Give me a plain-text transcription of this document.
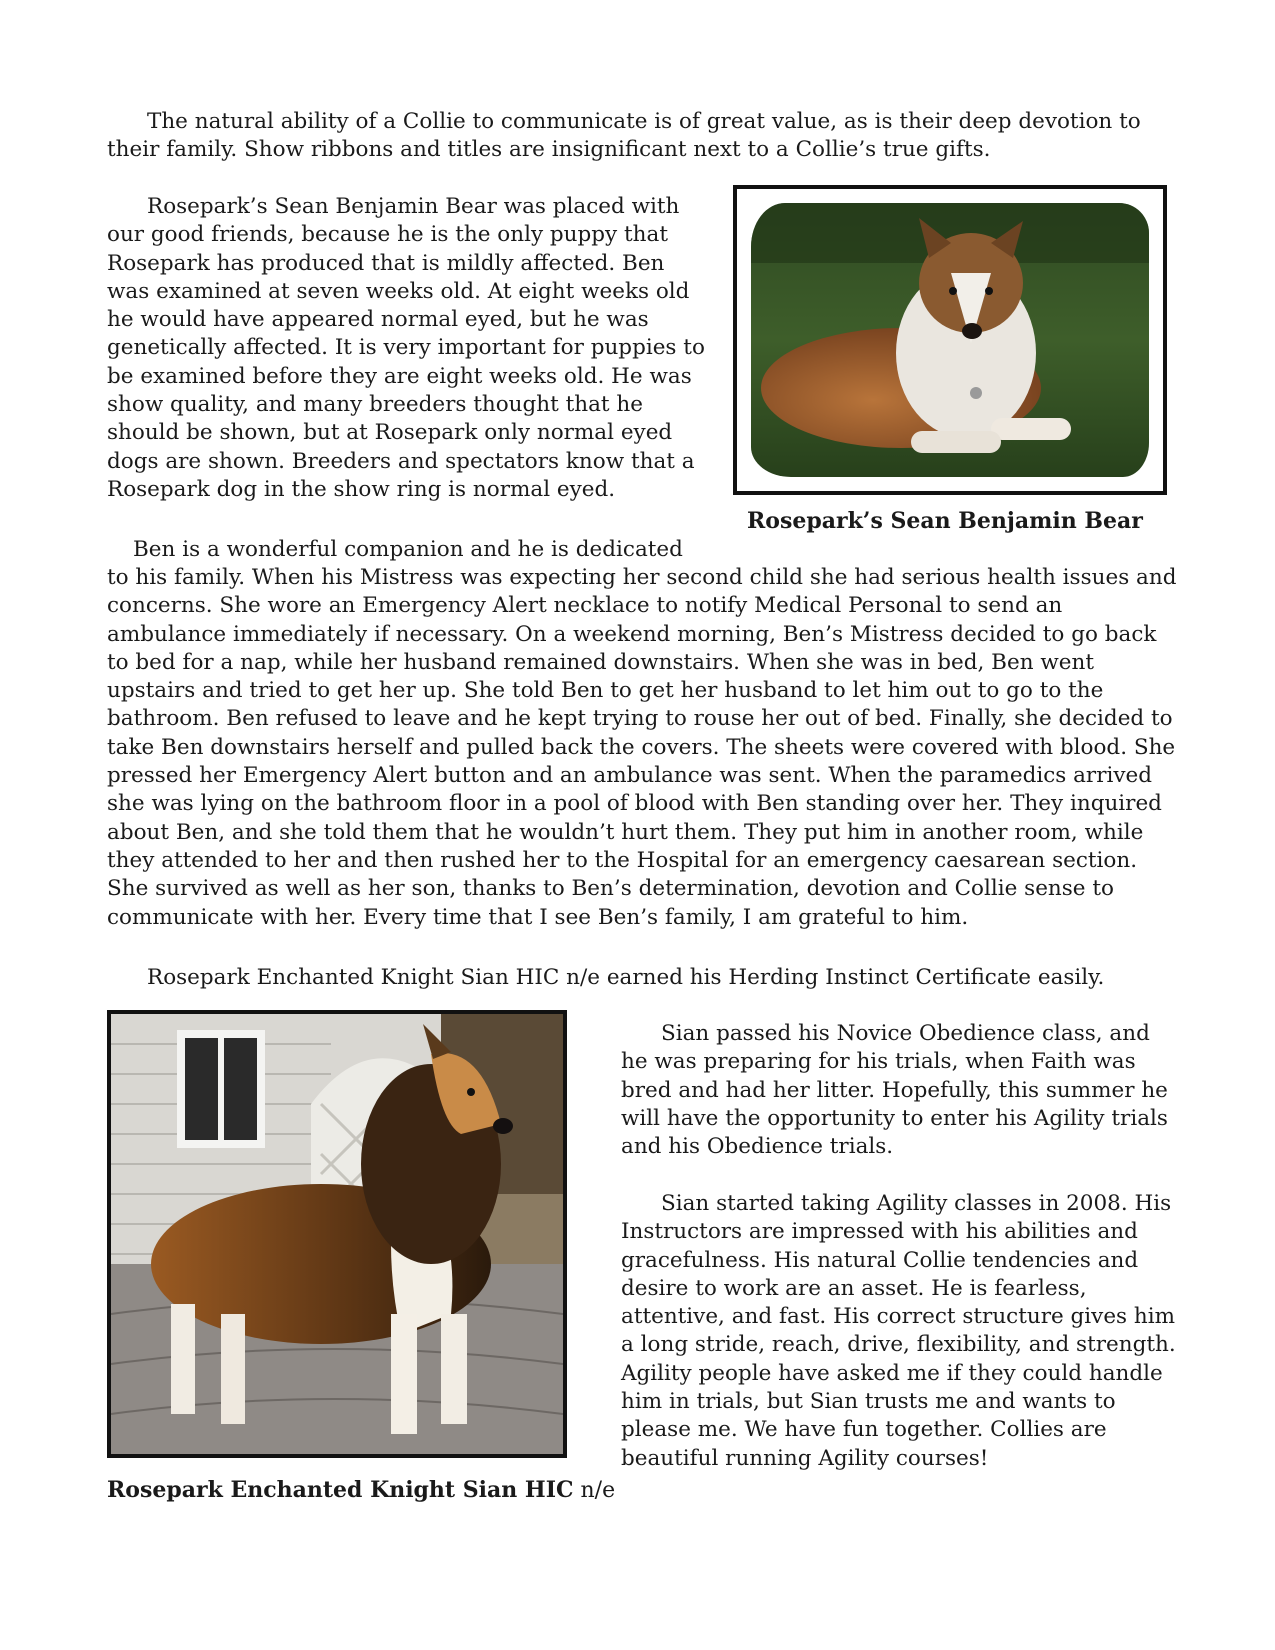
The natural ability of a Collie to communicate is of great value, as is their deep devotion to their family. Show ribbons and titles are insignificant next to a Collie’s true gifts.

Rosepark’s Sean Benjamin Bear was placed with our good friends, because he is the only puppy that Rosepark has produced that is mildly affected. Ben was examined at seven weeks old. At eight weeks old he would have appeared normal eyed, but he was genetically affected. It is very important for puppies to be examined before they are eight weeks old. He was show quality, and many breeders thought that he should be shown, but at Rosepark only normal eyed dogs are shown. Breeders and spectators know that a Rosepark dog in the show ring is normal eyed.

Rosepark’s Sean Benjamin Bear

Ben is a wonderful companion and he is dedicated

to his family. When his Mistress was expecting her second child she had serious health issues and concerns. She wore an Emergency Alert necklace to notify Medical Personal to send an ambulance immediately if necessary. On a weekend morning, Ben’s Mistress decided to go back to bed for a nap, while her husband remained downstairs. When she was in bed, Ben went upstairs and tried to get her up. She told Ben to get her husband to let him out to go to the bathroom. Ben refused to leave and he kept trying to rouse her out of bed. Finally, she decided to take Ben downstairs herself and pulled back the covers. The sheets were covered with blood. She pressed her Emergency Alert button and an ambulance was sent. When the paramedics arrived she was lying on the bathroom floor in a pool of blood with Ben standing over her. They inquired about Ben, and she told them that he wouldn’t hurt them. They put him in another room, while they attended to her and then rushed her to the Hospital for an emergency caesarean section. She survived as well as her son, thanks to Ben’s determination, devotion and Collie sense to communicate with her. Every time that I see Ben’s family, I am grateful to him.

Rosepark Enchanted Knight Sian HIC n/e earned his Herding Instinct Certificate easily.

Sian passed his Novice Obedience class, and he was preparing for his trials, when Faith was bred and had her litter. Hopefully, this summer he will have the opportunity to enter his Agility trials and his Obedience trials.

Sian started taking Agility classes in 2008. His Instructors are impressed with his abilities and gracefulness. His natural Collie tendencies and desire to work are an asset. He is fearless, attentive, and fast. His correct structure gives him a long stride, reach, drive, flexibility, and strength. Agility people have asked me if they could handle him in trials, but Sian trusts me and wants to please me. We have fun together. Collies are beautiful running Agility courses!

Rosepark Enchanted Knight Sian HIC n/e
